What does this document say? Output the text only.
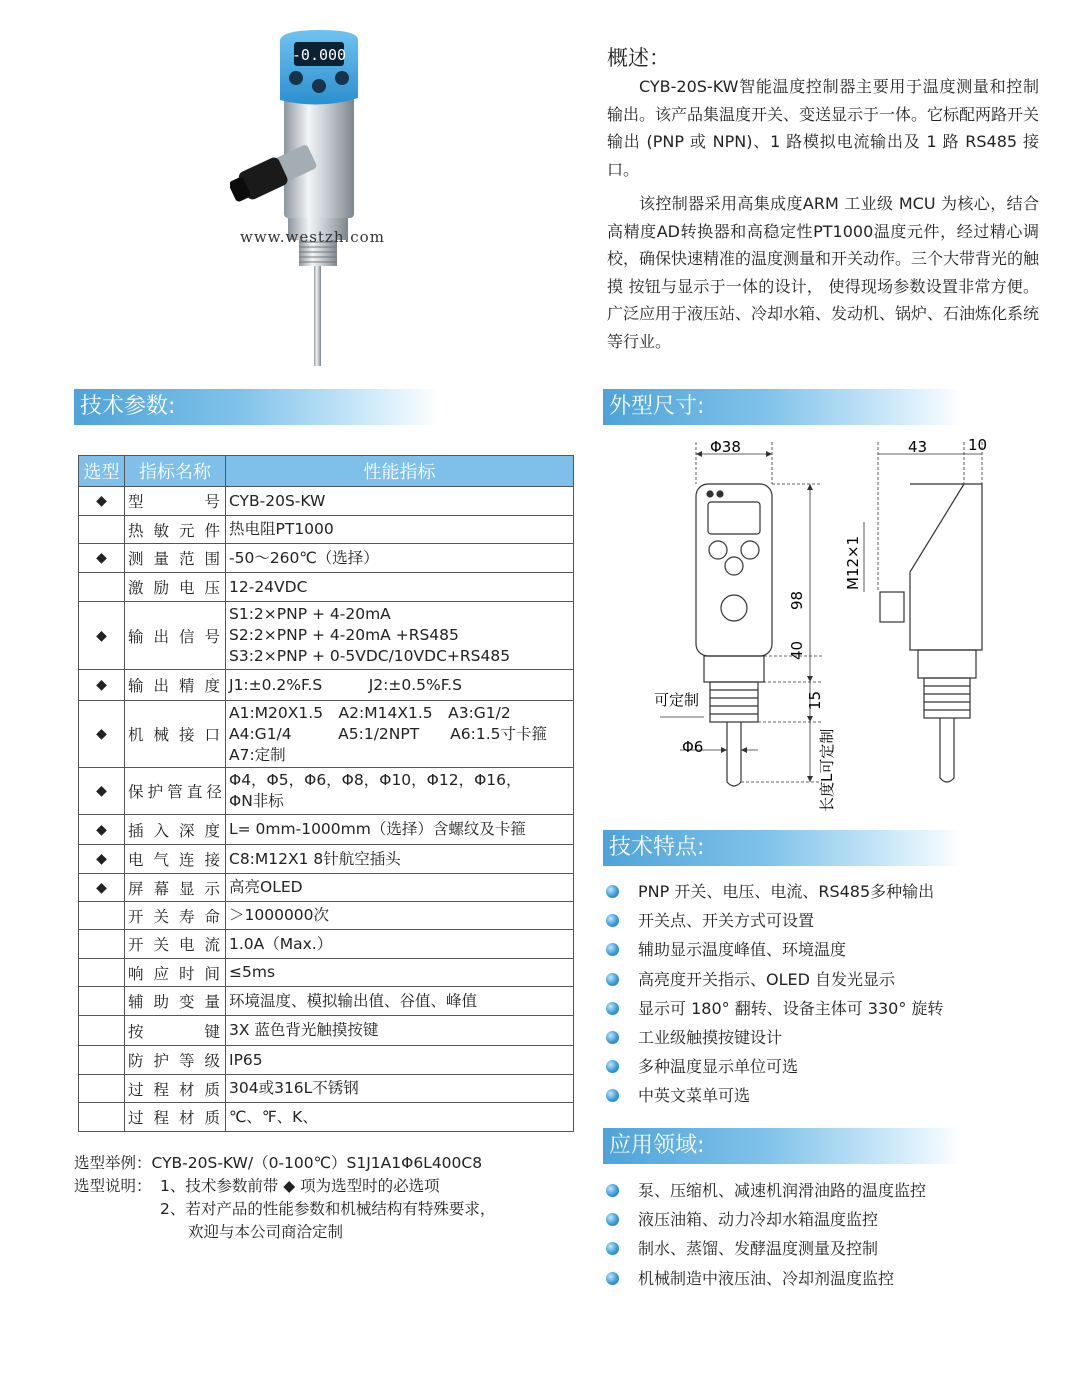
-0.000
www.westzh.com
概述：

CYB-20S-KW智能温度控制器主要用于温度测量和控制输出。该产品集温度开关、变送显示于一体。它标配两路开关输出 (PNP 或 NPN)、1 路模拟电流输出及 1 路 RS485 接口。

该控制器采用高集成度ARM 工业级 MCU 为核心，结合高精度AD转换器和高稳定性PT1000温度元件，经过精心调校，确保快速精准的温度测量和开关动作。三个大带背光的触摸 按钮与显示于一体的设计， 使得现场参数设置非常方便。广泛应用于液压站、冷却水箱、发动机、锅炉、石油炼化系统等行业。

技术参数:	外型尺寸:
技术特点:
应用领域:
选型	指标名称	性能指标
◆	型号	CYB-20S-KW
	热敏元件	热电阻PT1000
◆	测量范围	-50～260℃（选择）
	激励电压	12-24VDC
◆	输出信号	S1:2×PNP + 4-20mA
S2:2×PNP + 4-20mA +RS485
S3:2×PNP + 0-5VDC/10VDC+RS485

◆	输出精度	J1:±0.2%F.S　　　J2:±0.5%F.S
◆	机械接口	A1:M20X1.5　A2:M14X1.5　A3:G1/2
A4:G1/4　　　A5:1/2NPT　　A6:1.5寸卡箍
A7:定制

◆	保护管直径	Φ4，Φ5，Φ6，Φ8，Φ10，Φ12，Φ16，
ΦN非标

◆	插入深度	L= 0mm-1000mm（选择）含螺纹及卡箍
◆	电气连接	C8:M12X1 8针航空插头
◆	屏幕显示	高亮OLED
	开关寿命	＞1000000次
	开关电流	1.0A（Max.）
	响应时间	≤5ms
	辅助变量	环境温度、模拟输出值、谷值、峰值
	按键	3X 蓝色背光触摸按键
	防护等级	IP65
	过程材质	304或316L不锈钢
	过程材质	℃、℉、K、
选型举例：CYB-20S-KW/（0-100℃）S1J1A1Φ6L400C8
选型说明： 1、技术参数前带 ◆ 项为选型时的必选项
2、若对产品的性能参数和机械结构有特殊要求，
欢迎与本公司商洽定制
Φ38	43	10
M12×1
98
40
15
可定制
Φ6	长度L可定制
PNP 开关、电压、电流、RS485多种输出
开关点、开关方式可设置
辅助显示温度峰值、环境温度
高亮度开关指示、OLED 自发光显示
显示可 180° 翻转、设备主体可 330° 旋转
工业级触摸按键设计
多种温度显示单位可选
中英文菜单可选
泵、压缩机、减速机润滑油路的温度监控
液压油箱、动力冷却水箱温度监控
制水、蒸馏、发酵温度测量及控制
机械制造中液压油、冷却剂温度监控
